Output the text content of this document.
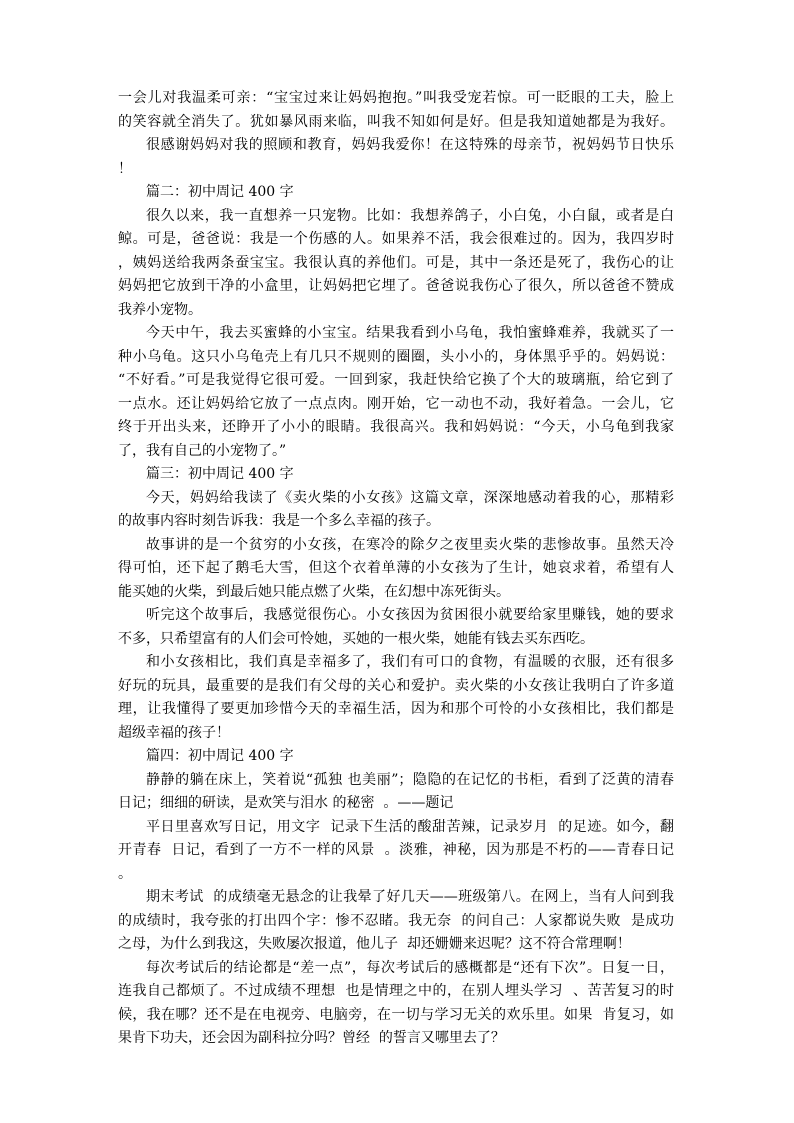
一会儿对我温柔可亲：“宝宝过来让妈妈抱抱。”叫我受宠若惊。可一眨眼的工夫，脸上
的笑容就全消失了。犹如暴风雨来临，叫我不知如何是好。但是我知道她都是为我好。
很感谢妈妈对我的照顾和教育，妈妈我爱你！在这特殊的母亲节，祝妈妈节日快乐
！
篇二：初中周记 400 字
很久以来，我一直想养一只宠物。比如：我想养鸽子，小白兔，小白鼠，或者是白
鲸。可是，爸爸说：我是一个伤感的人。如果养不活，我会很难过的。因为，我四岁时
，姨妈送给我两条蚕宝宝。我很认真的养他们。可是，其中一条还是死了，我伤心的让
妈妈把它放到干净的小盒里，让妈妈把它埋了。爸爸说我伤心了很久，所以爸爸不赞成
我养小宠物。
今天中午，我去买蜜蜂的小宝宝。结果我看到小乌龟，我怕蜜蜂难养，我就买了一
种小乌龟。这只小乌龟壳上有几只不规则的圈圈，头小小的，身体黑乎乎的。妈妈说：
“不好看。”可是我觉得它很可爱。一回到家，我赶快给它换了个大的玻璃瓶，给它到了
一点水。还让妈妈给它放了一点点肉。刚开始，它一动也不动，我好着急。一会儿，它
终于开出头来，还睁开了小小的眼睛。我很高兴。我和妈妈说：“今天，小乌龟到我家
了，我有自己的小宠物了。”
篇三：初中周记 400 字
今天，妈妈给我读了《卖火柴的小女孩》这篇文章，深深地感动着我的心，那精彩
的故事内容时刻告诉我：我是一个多么幸福的孩子。
故事讲的是一个贫穷的小女孩，在寒冷的除夕之夜里卖火柴的悲惨故事。虽然天冷
得可怕，还下起了鹅毛大雪，但这个衣着单薄的小女孩为了生计，她哀求着，希望有人
能买她的火柴，到最后她只能点燃了火柴，在幻想中冻死街头。
听完这个故事后，我感觉很伤心。小女孩因为贫困很小就要给家里赚钱，她的要求
不多，只希望富有的人们会可怜她，买她的一根火柴，她能有钱去买东西吃。
和小女孩相比，我们真是幸福多了，我们有可口的食物，有温暖的衣服，还有很多
好玩的玩具，最重要的是我们有父母的关心和爱护。卖火柴的小女孩让我明白了许多道
理，让我懂得了要更加珍惜今天的幸福生活，因为和那个可怜的小女孩相比，我们都是
超级幸福的孩子！
篇四：初中周记 400 字
静静的躺在床上，笑着说“孤独 也美丽”；隐隐的在记忆的书柜，看到了泛黄的清春
日记；细细的研读，是欢笑与泪水 的秘密  。——题记
平日里喜欢写日记，用文字  记录下生活的酸甜苦辣，记录岁月  的足迹。如今，翻
开青春  日记，看到了一方不一样的风景  。淡雅，神秘，因为那是不朽的——青春日记
。
期末考试  的成绩毫无悬念的让我晕了好几天——班级第八。在网上，当有人问到我
的成绩时，我夸张的打出四个字：惨不忍睹。我无奈  的问自己：人家都说失败  是成功
之母，为什么到我这，失败屡次报道，他儿子  却还姗姗来迟呢？这不符合常理啊！
每次考试后的结论都是“差一点”，每次考试后的感概都是“还有下次”。日复一日，
连我自己都烦了。不过成绩不理想  也是情理之中的，在别人埋头学习  、苦苦复习的时
候，我在哪？还不是在电视旁、电脑旁，在一切与学习无关的欢乐里。如果  肯复习，如
果肯下功夫，还会因为副科拉分吗？曾经  的誓言又哪里去了？
